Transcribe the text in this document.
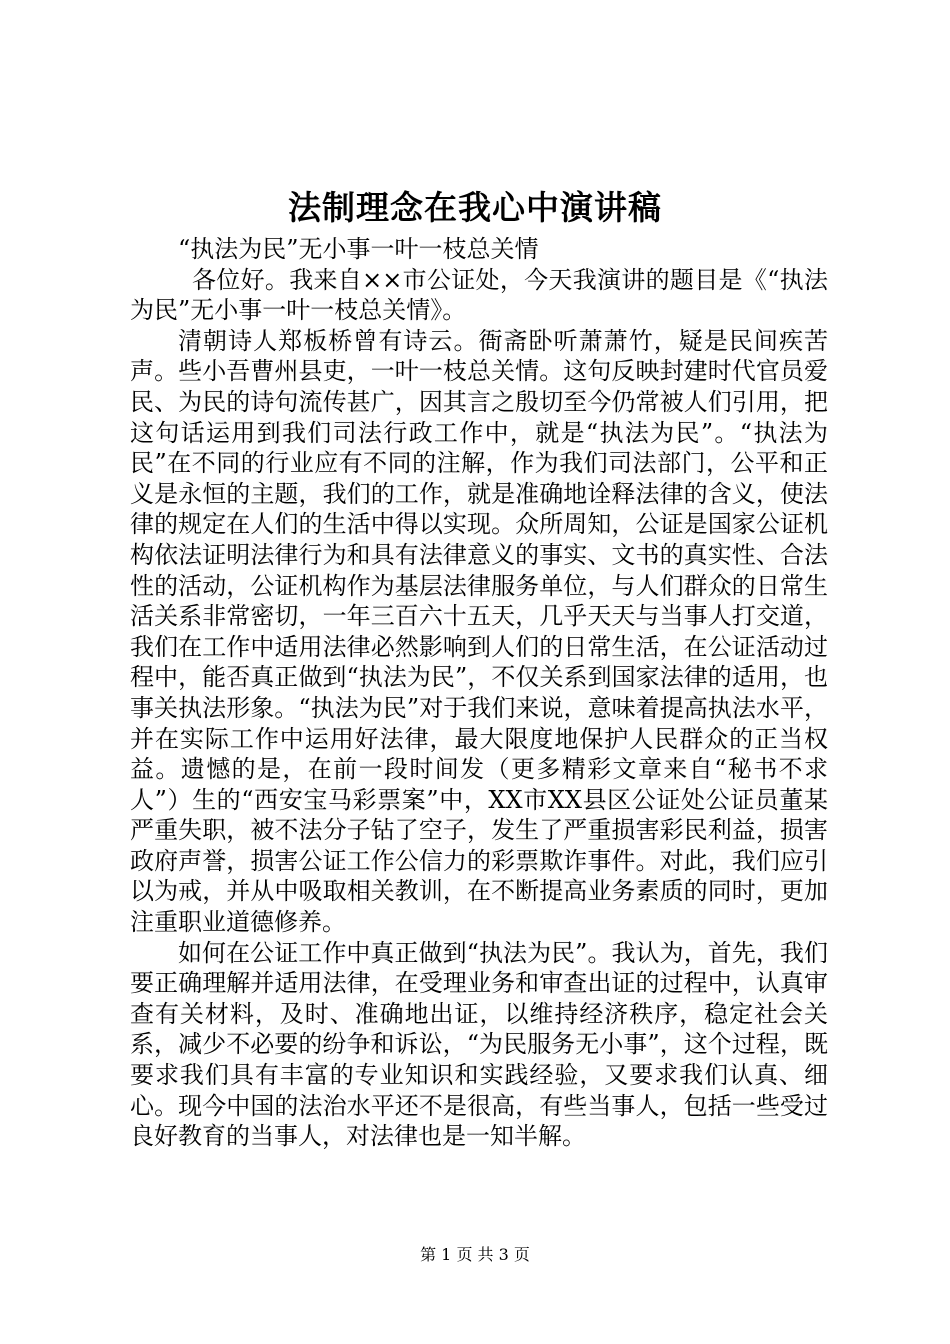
法制理念在我心中演讲稿

“执法为民”无小事一叶一枝总关情

各位好。我来自××市公证处，今天我演讲的题目是《“执法为民”无小事一叶一枝总关情》。

清朝诗人郑板桥曾有诗云。衙斋卧听萧萧竹，疑是民间疾苦声。些小吾曹州县吏，一叶一枝总关情。这句反映封建时代官员爱民、为民的诗句流传甚广，因其言之殷切至今仍常被人们引用，把这句话运用到我们司法行政工作中，就是“执法为民”。“执法为民”在不同的行业应有不同的注解，作为我们司法部门，公平和正义是永恒的主题，我们的工作，就是准确地诠释法律的含义，使法律的规定在人们的生活中得以实现。众所周知，公证是国家公证机构依法证明法律行为和具有法律意义的事实、文书的真实性、合法性的活动，公证机构作为基层法律服务单位，与人们群众的日常生活关系非常密切，一年三百六十五天，几乎天天与当事人打交道，我们在工作中适用法律必然影响到人们的日常生活，在公证活动过程中，能否真正做到“执法为民”，不仅关系到国家法律的适用，也事关执法形象。“执法为民”对于我们来说，意味着提高执法水平，并在实际工作中运用好法律，最大限度地保护人民群众的正当权益。遗憾的是，在前一段时间发（更多精彩文章来自“秘书不求人”）生的“西安宝马彩票案”中，XX市XX县区公证处公证员董某严重失职，被不法分子钻了空子，发生了严重损害彩民利益，损害政府声誉，损害公证工作公信力的彩票欺诈事件。对此，我们应引以为戒，并从中吸取相关教训，在不断提高业务素质的同时，更加注重职业道德修养。

如何在公证工作中真正做到“执法为民”。我认为，首先，我们要正确理解并适用法律，在受理业务和审查出证的过程中，认真审查有关材料，及时、准确地出证，以维持经济秩序，稳定社会关系，减少不必要的纷争和诉讼，“为民服务无小事”，这个过程，既要求我们具有丰富的专业知识和实践经验，又要求我们认真、细心。现今中国的法治水平还不是很高，有些当事人，包括一些受过良好教育的当事人，对法律也是一知半解。

第 1 页 共 3 页
